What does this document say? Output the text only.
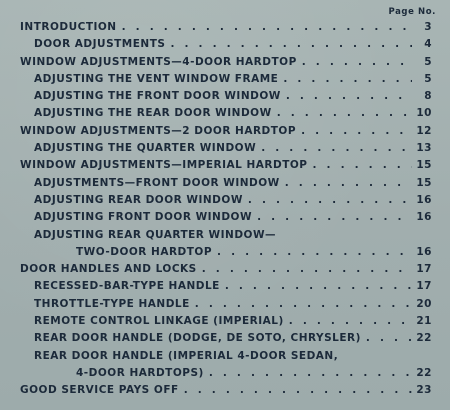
Page No.
INTRODUCTION . . .	3
DOOR ADJUSTMENTS . . .	4
WINDOW ADJUSTMENTS—4-DOOR HARDTOP . . .	5
ADJUSTING THE VENT WINDOW FRAME . . .	5
ADJUSTING THE FRONT DOOR WINDOW . . .	8
ADJUSTING THE REAR DOOR WINDOW . . .	10
WINDOW ADJUSTMENTS—2 DOOR HARDTOP . . .	12
ADJUSTING THE QUARTER WINDOW . . .	13
WINDOW ADJUSTMENTS—IMPERIAL HARDTOP . . .	15
ADJUSTMENTS—FRONT DOOR WINDOW . . .	15
ADJUSTING REAR DOOR WINDOW . . .	16
ADJUSTING FRONT DOOR WINDOW . . .	16
ADJUSTING REAR QUARTER WINDOW—
TWO-DOOR HARDTOP . . .	16
DOOR HANDLES AND LOCKS . . .	17
RECESSED-BAR-TYPE HANDLE . . .	17
THROTTLE-TYPE HANDLE . . .	20
REMOTE CONTROL LINKAGE (IMPERIAL) . . .	21
REAR DOOR HANDLE (DODGE, DE SOTO, CHRYSLER) . . .	22
REAR DOOR HANDLE (IMPERIAL 4-DOOR SEDAN,
4-DOOR HARDTOPS) . . .	22
GOOD SERVICE PAYS OFF . . .	23
